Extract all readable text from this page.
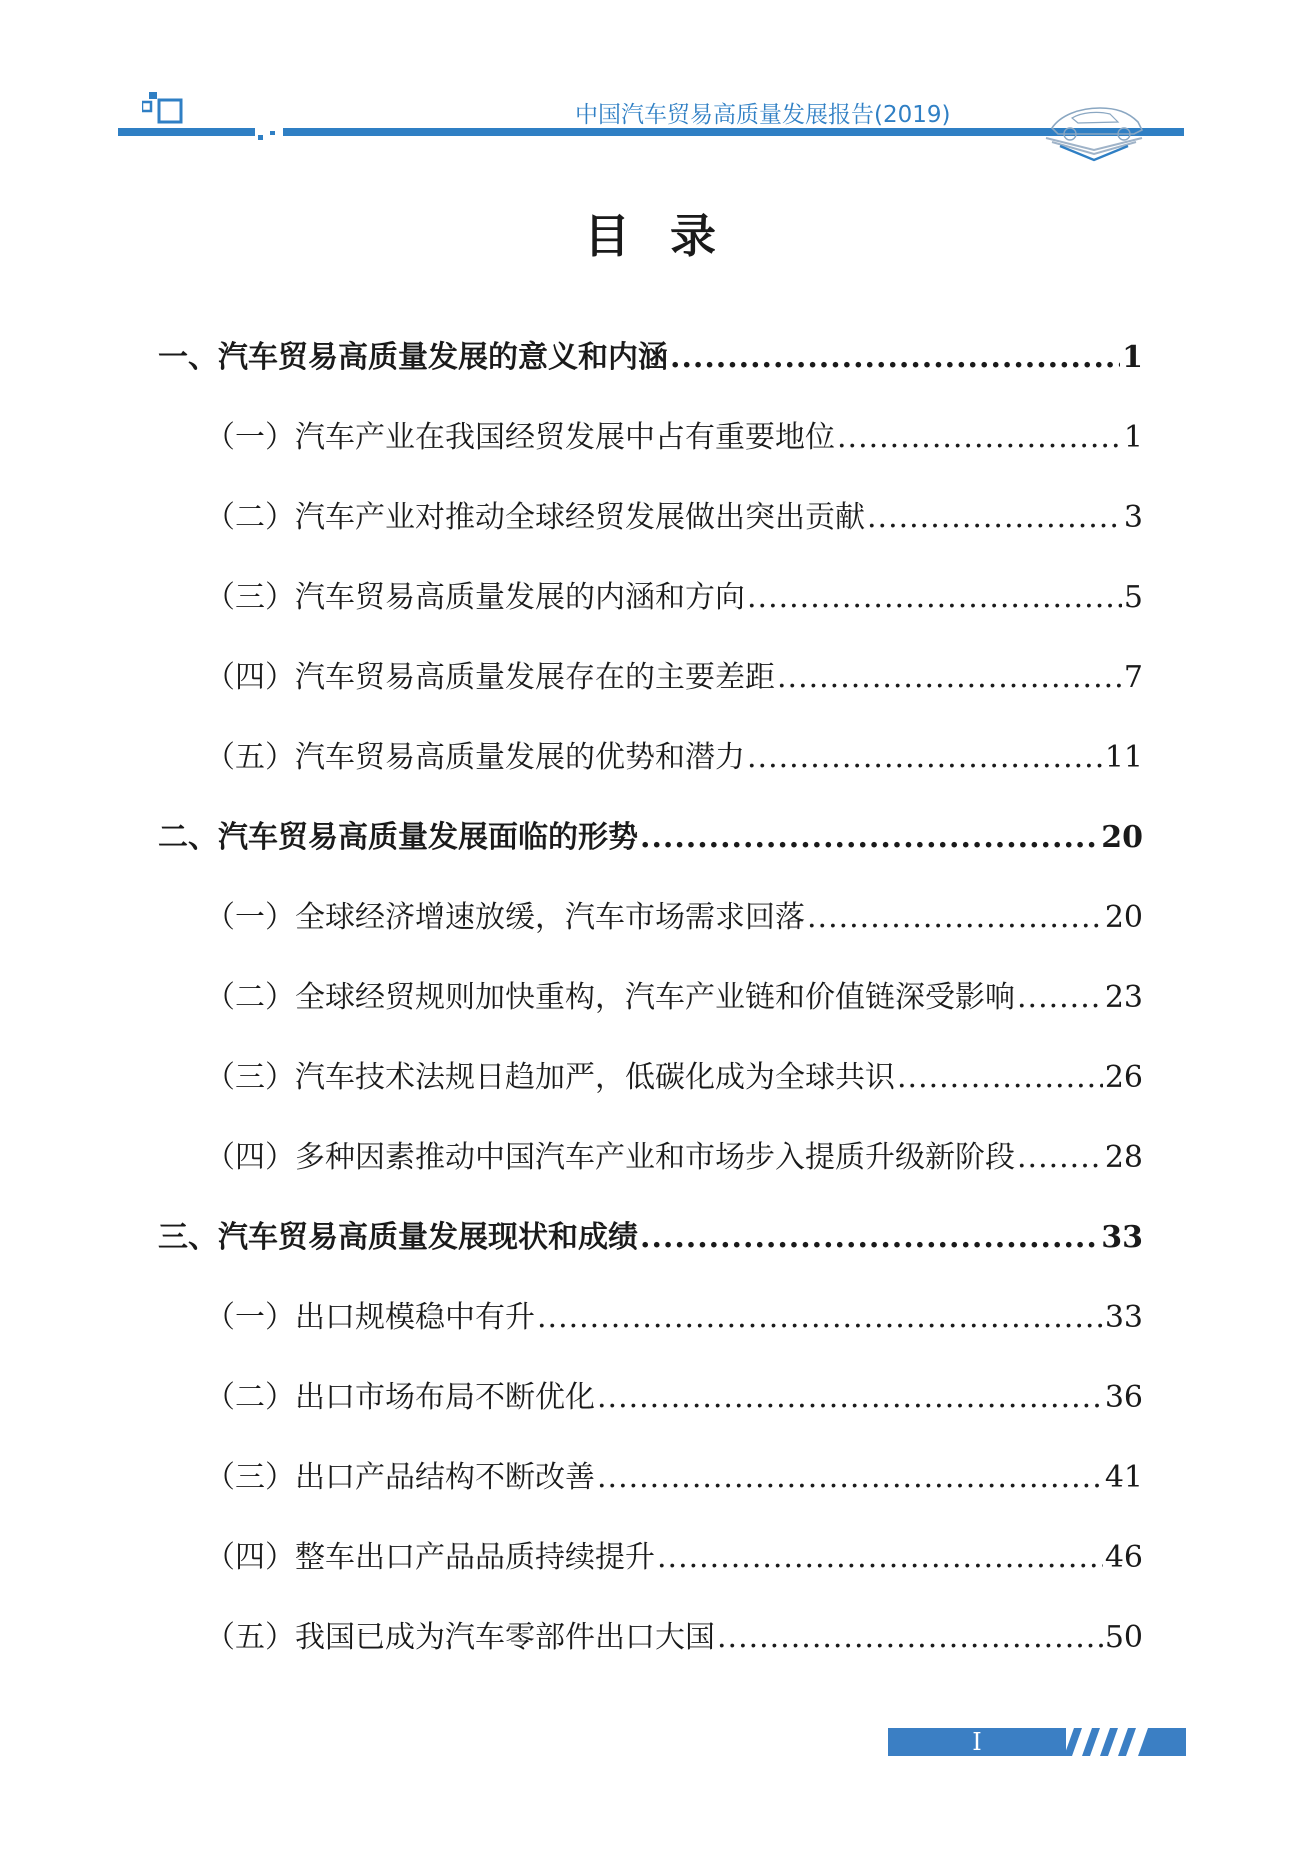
中国汽车贸易高质量发展报告(2019)
目录
一、汽车贸易高质量发展的意义和内涵 .....	1
（一）汽车产业在我国经贸发展中占有重要地位 .....	1
（二）汽车产业对推动全球经贸发展做出突出贡献 .....	3
（三）汽车贸易高质量发展的内涵和方向 .....	5
（四）汽车贸易高质量发展存在的主要差距 .....	7
（五）汽车贸易高质量发展的优势和潜力 .....	11
二、汽车贸易高质量发展面临的形势 .....	20
（一）全球经济增速放缓，汽车市场需求回落 .....	20
（二）全球经贸规则加快重构，汽车产业链和价值链深受影响 .....	23
（三）汽车技术法规日趋加严，低碳化成为全球共识 .....	26
（四）多种因素推动中国汽车产业和市场步入提质升级新阶段 .....	28
三、汽车贸易高质量发展现状和成绩 .....	33
（一）出口规模稳中有升 .....	33
（二）出口市场布局不断优化 .....	36
（三）出口产品结构不断改善 .....	41
（四）整车出口产品品质持续提升 .....	46
（五）我国已成为汽车零部件出口大国 .....	50
I
